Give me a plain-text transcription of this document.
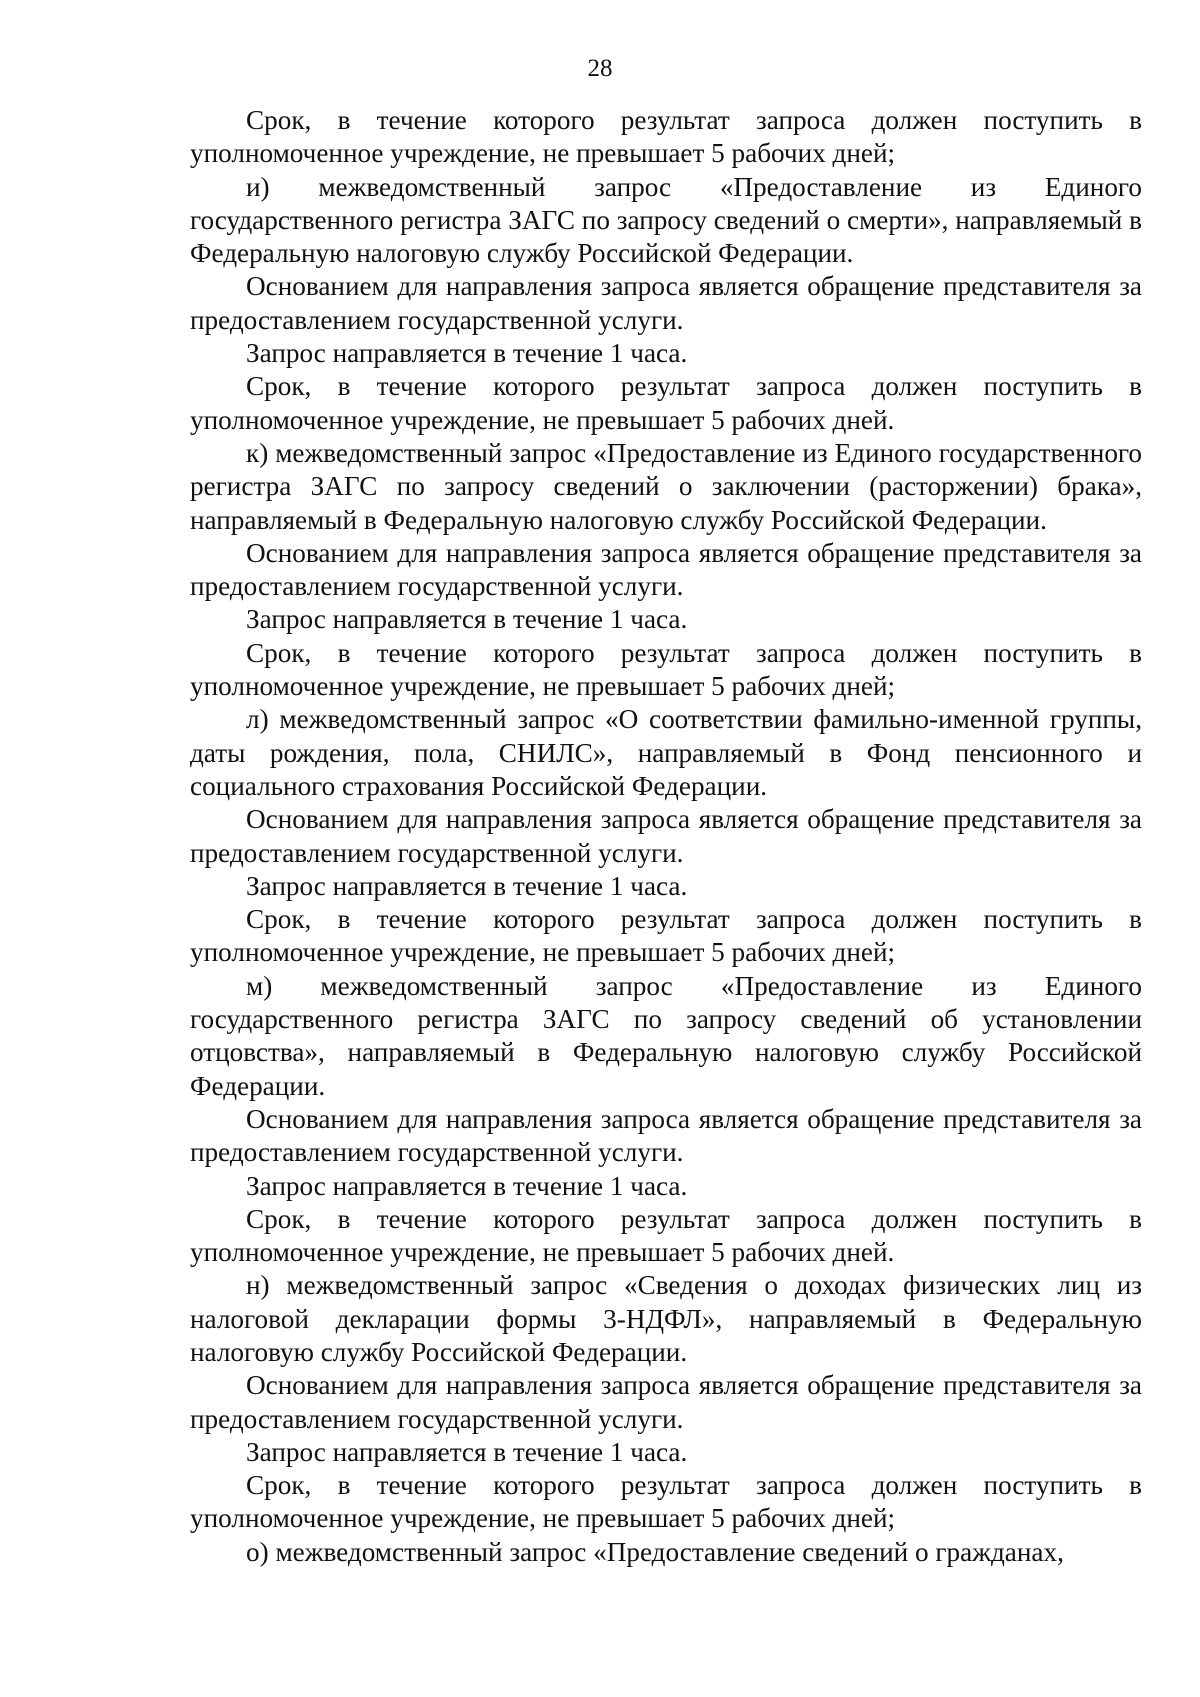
28

Срок, в течение которого результат запроса должен поступить в уполномоченное учреждение, не превышает 5 рабочих дней;

и) межведомственный запрос «Предоставление из Единого государственного регистра ЗАГС по запросу сведений о смерти», направляемый в Федеральную налоговую службу Российской Федерации.

Основанием для направления запроса является обращение представителя за предоставлением государственной услуги.

Запрос направляется в течение 1 часа.

Срок, в течение которого результат запроса должен поступить в уполномоченное учреждение, не превышает 5 рабочих дней.

к) межведомственный запрос «Предоставление из Единого государственного регистра ЗАГС по запросу сведений о заключении (расторжении) брака», направляемый в Федеральную налоговую службу Российской Федерации.

Основанием для направления запроса является обращение представителя за предоставлением государственной услуги.

Запрос направляется в течение 1 часа.

Срок, в течение которого результат запроса должен поступить в уполномоченное учреждение, не превышает 5 рабочих дней;

л) межведомственный запрос «О соответствии фамильно-именной группы, даты рождения, пола, СНИЛС», направляемый в Фонд пенсионного и социального страхования Российской Федерации.

Основанием для направления запроса является обращение представителя за предоставлением государственной услуги.

Запрос направляется в течение 1 часа.

Срок, в течение которого результат запроса должен поступить в уполномоченное учреждение, не превышает 5 рабочих дней;

м) межведомственный запрос «Предоставление из Единого государственного регистра ЗАГС по запросу сведений об установлении отцовства», направляемый в Федеральную налоговую службу Российской Федерации.

Основанием для направления запроса является обращение представителя за предоставлением государственной услуги.

Запрос направляется в течение 1 часа.

Срок, в течение которого результат запроса должен поступить в уполномоченное учреждение, не превышает 5 рабочих дней.

н) межведомственный запрос «Сведения о доходах физических лиц из налоговой декларации формы 3-НДФЛ», направляемый в Федеральную налоговую службу Российской Федерации.

Основанием для направления запроса является обращение представителя за предоставлением государственной услуги.

Запрос направляется в течение 1 часа.

Срок, в течение которого результат запроса должен поступить в уполномоченное учреждение, не превышает 5 рабочих дней;

о) межведомственный запрос «Предоставление сведений о гражданах,
